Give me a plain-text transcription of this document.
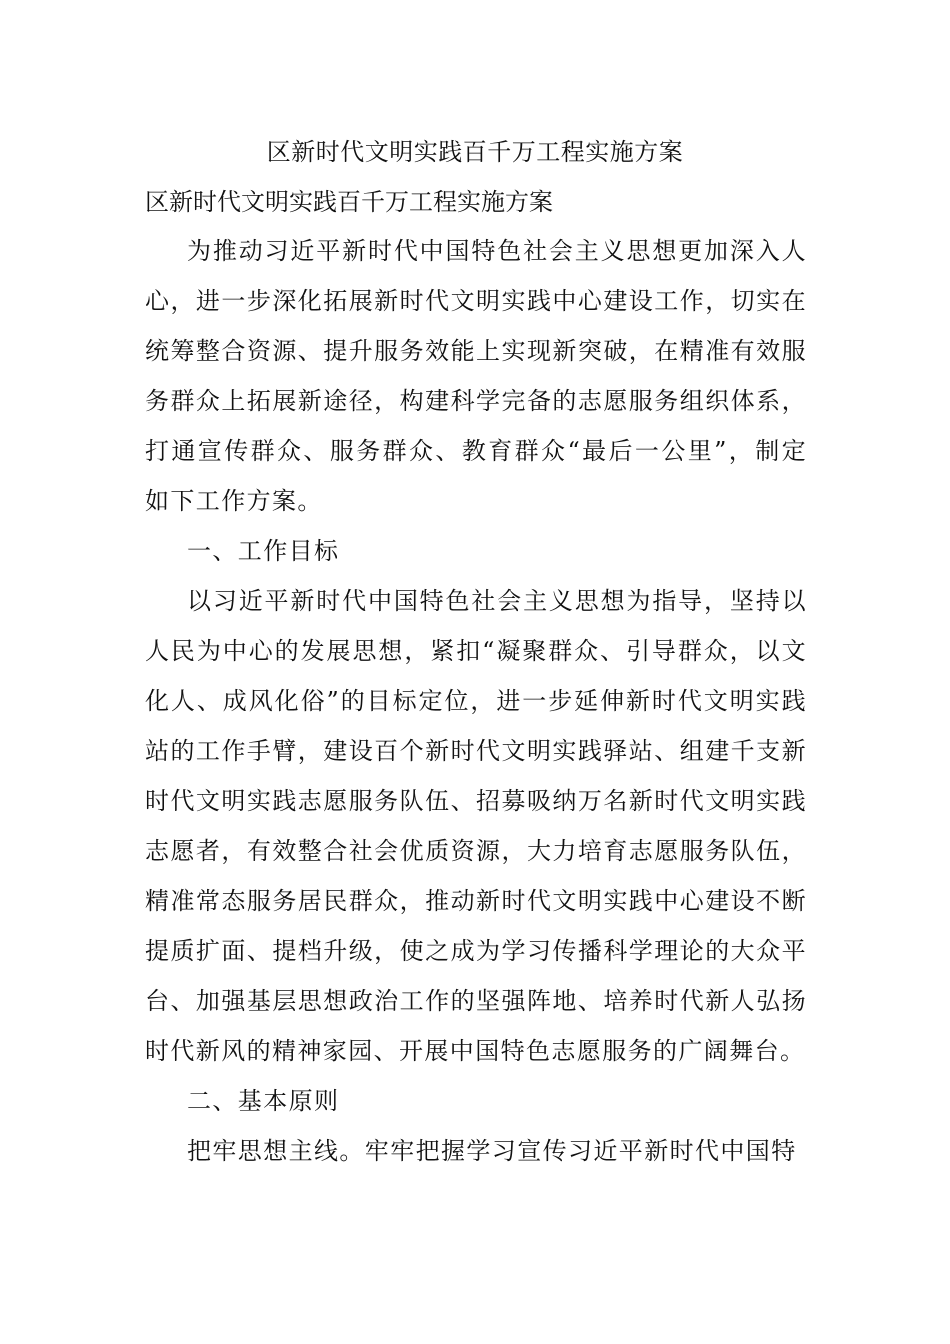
区新时代文明实践百千万工程实施方案

区新时代文明实践百千万工程实施方案

为推动习近平新时代中国特色社会主义思想更加深入人心，进一步深化拓展新时代文明实践中心建设工作，切实在统筹整合资源、提升服务效能上实现新突破，在精准有效服务群众上拓展新途径，构建科学完备的志愿服务组织体系，打通宣传群众、服务群众、教育群众“最后一公里”，制定如下工作方案。

一、工作目标

以习近平新时代中国特色社会主义思想为指导，坚持以人民为中心的发展思想，紧扣“凝聚群众、引导群众，以文化人、成风化俗”的目标定位，进一步延伸新时代文明实践站的工作手臂，建设百个新时代文明实践驿站、组建千支新时代文明实践志愿服务队伍、招募吸纳万名新时代文明实践志愿者，有效整合社会优质资源，大力培育志愿服务队伍，精准常态服务居民群众，推动新时代文明实践中心建设不断提质扩面、提档升级，使之成为学习传播科学理论的大众平台、加强基层思想政治工作的坚强阵地、培养时代新人弘扬时代新风的精神家园、开展中国特色志愿服务的广阔舞台。

二、基本原则

把牢思想主线。牢牢把握学习宣传习近平新时代中国特
